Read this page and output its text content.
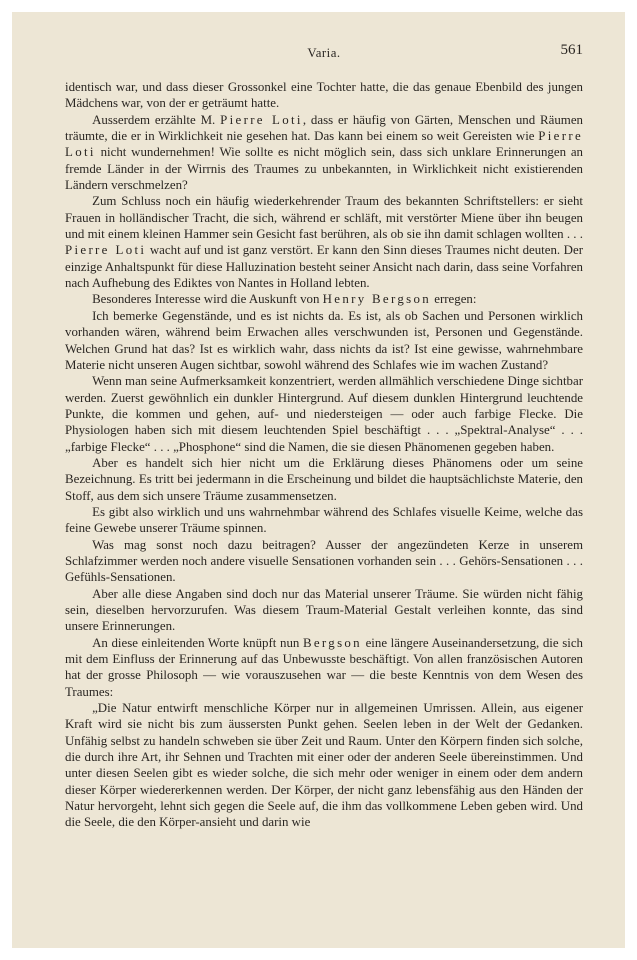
Varia.	561

identisch war, und dass dieser Grossonkel eine Tochter hatte, die das genaue Ebenbild des jungen Mädchens war, von der er geträumt hatte.

Ausserdem erzählte M. Pierre Loti, dass er häufig von Gärten, Menschen und Räumen träumte, die er in Wirklichkeit nie gesehen hat. Das kann bei einem so weit Gereisten wie Pierre Loti nicht wundernehmen! Wie sollte es nicht möglich sein, dass sich unklare Erinnerungen an fremde Länder in der Wirrnis des Traumes zu unbekannten, in Wirklichkeit nicht existierenden Ländern verschmelzen?

Zum Schluss noch ein häufig wiederkehrender Traum des bekannten Schriftstellers: er sieht Frauen in holländischer Tracht, die sich, während er schläft, mit verstörter Miene über ihn beugen und mit einem kleinen Hammer sein Gesicht fast berühren, als ob sie ihn damit schlagen wollten . . . Pierre Loti wacht auf und ist ganz verstört. Er kann den Sinn dieses Traumes nicht deuten. Der einzige Anhaltspunkt für diese Halluzination besteht seiner Ansicht nach darin, dass seine Vorfahren nach Aufhebung des Ediktes von Nantes in Holland lebten.

Besonderes Interesse wird die Auskunft von Henry Bergson erregen:

Ich bemerke Gegenstände, und es ist nichts da. Es ist, als ob Sachen und Personen wirklich vorhanden wären, während beim Erwachen alles verschwunden ist, Personen und Gegenstände. Welchen Grund hat das? Ist es wirklich wahr, dass nichts da ist? Ist eine gewisse, wahrnehmbare Materie nicht unseren Augen sichtbar, sowohl während des Schlafes wie im wachen Zustand?

Wenn man seine Aufmerksamkeit konzentriert, werden allmählich verschiedene Dinge sichtbar werden. Zuerst gewöhnlich ein dunkler Hintergrund. Auf diesem dunklen Hintergrund leuchtende Punkte, die kommen und gehen, auf- und niedersteigen — oder auch farbige Flecke. Die Physiologen haben sich mit diesem leuchtenden Spiel beschäftigt . . . „Spektral-Analyse“ . . . „farbige Flecke“ . . . „Phosphone“ sind die Namen, die sie diesen Phänomenen gegeben haben.

Aber es handelt sich hier nicht um die Erklärung dieses Phänomens oder um seine Bezeichnung. Es tritt bei jedermann in die Erscheinung und bildet die hauptsächlichste Materie, den Stoff, aus dem sich unsere Träume zusammensetzen.

Es gibt also wirklich und uns wahrnehmbar während des Schlafes visuelle Keime, welche das feine Gewebe unserer Träume spinnen.

Was mag sonst noch dazu beitragen? Ausser der angezündeten Kerze in unserem Schlafzimmer werden noch andere visuelle Sensationen vorhanden sein . . . Gehörs-Sensationen . . . Gefühls-Sensationen.

Aber alle diese Angaben sind doch nur das Material unserer Träume. Sie würden nicht fähig sein, dieselben hervorzurufen. Was diesem Traum-Material Gestalt verleihen konnte, das sind unsere Erinnerungen.

An diese einleitenden Worte knüpft nun Bergson eine längere Auseinandersetzung, die sich mit dem Einfluss der Erinnerung auf das Unbewusste beschäftigt. Von allen französischen Autoren hat der grosse Philosoph — wie vorauszusehen war — die beste Kenntnis von dem Wesen des Traumes:

„Die Natur entwirft menschliche Körper nur in allgemeinen Umrissen. Allein, aus eigener Kraft wird sie nicht bis zum äussersten Punkt gehen. Seelen leben in der Welt der Gedanken. Unfähig selbst zu handeln schweben sie über Zeit und Raum. Unter den Körpern finden sich solche, die durch ihre Art, ihr Sehnen und Trachten mit einer oder der anderen Seele übereinstimmen. Und unter diesen Seelen gibt es wieder solche, die sich mehr oder weniger in einem oder dem andern dieser Körper wiedererkennen werden. Der Körper, der nicht ganz lebensfähig aus den Händen der Natur hervorgeht, lehnt sich gegen die Seele auf, die ihm das vollkommene Leben geben wird. Und die Seele, die den Körper-ansieht und darin wie
